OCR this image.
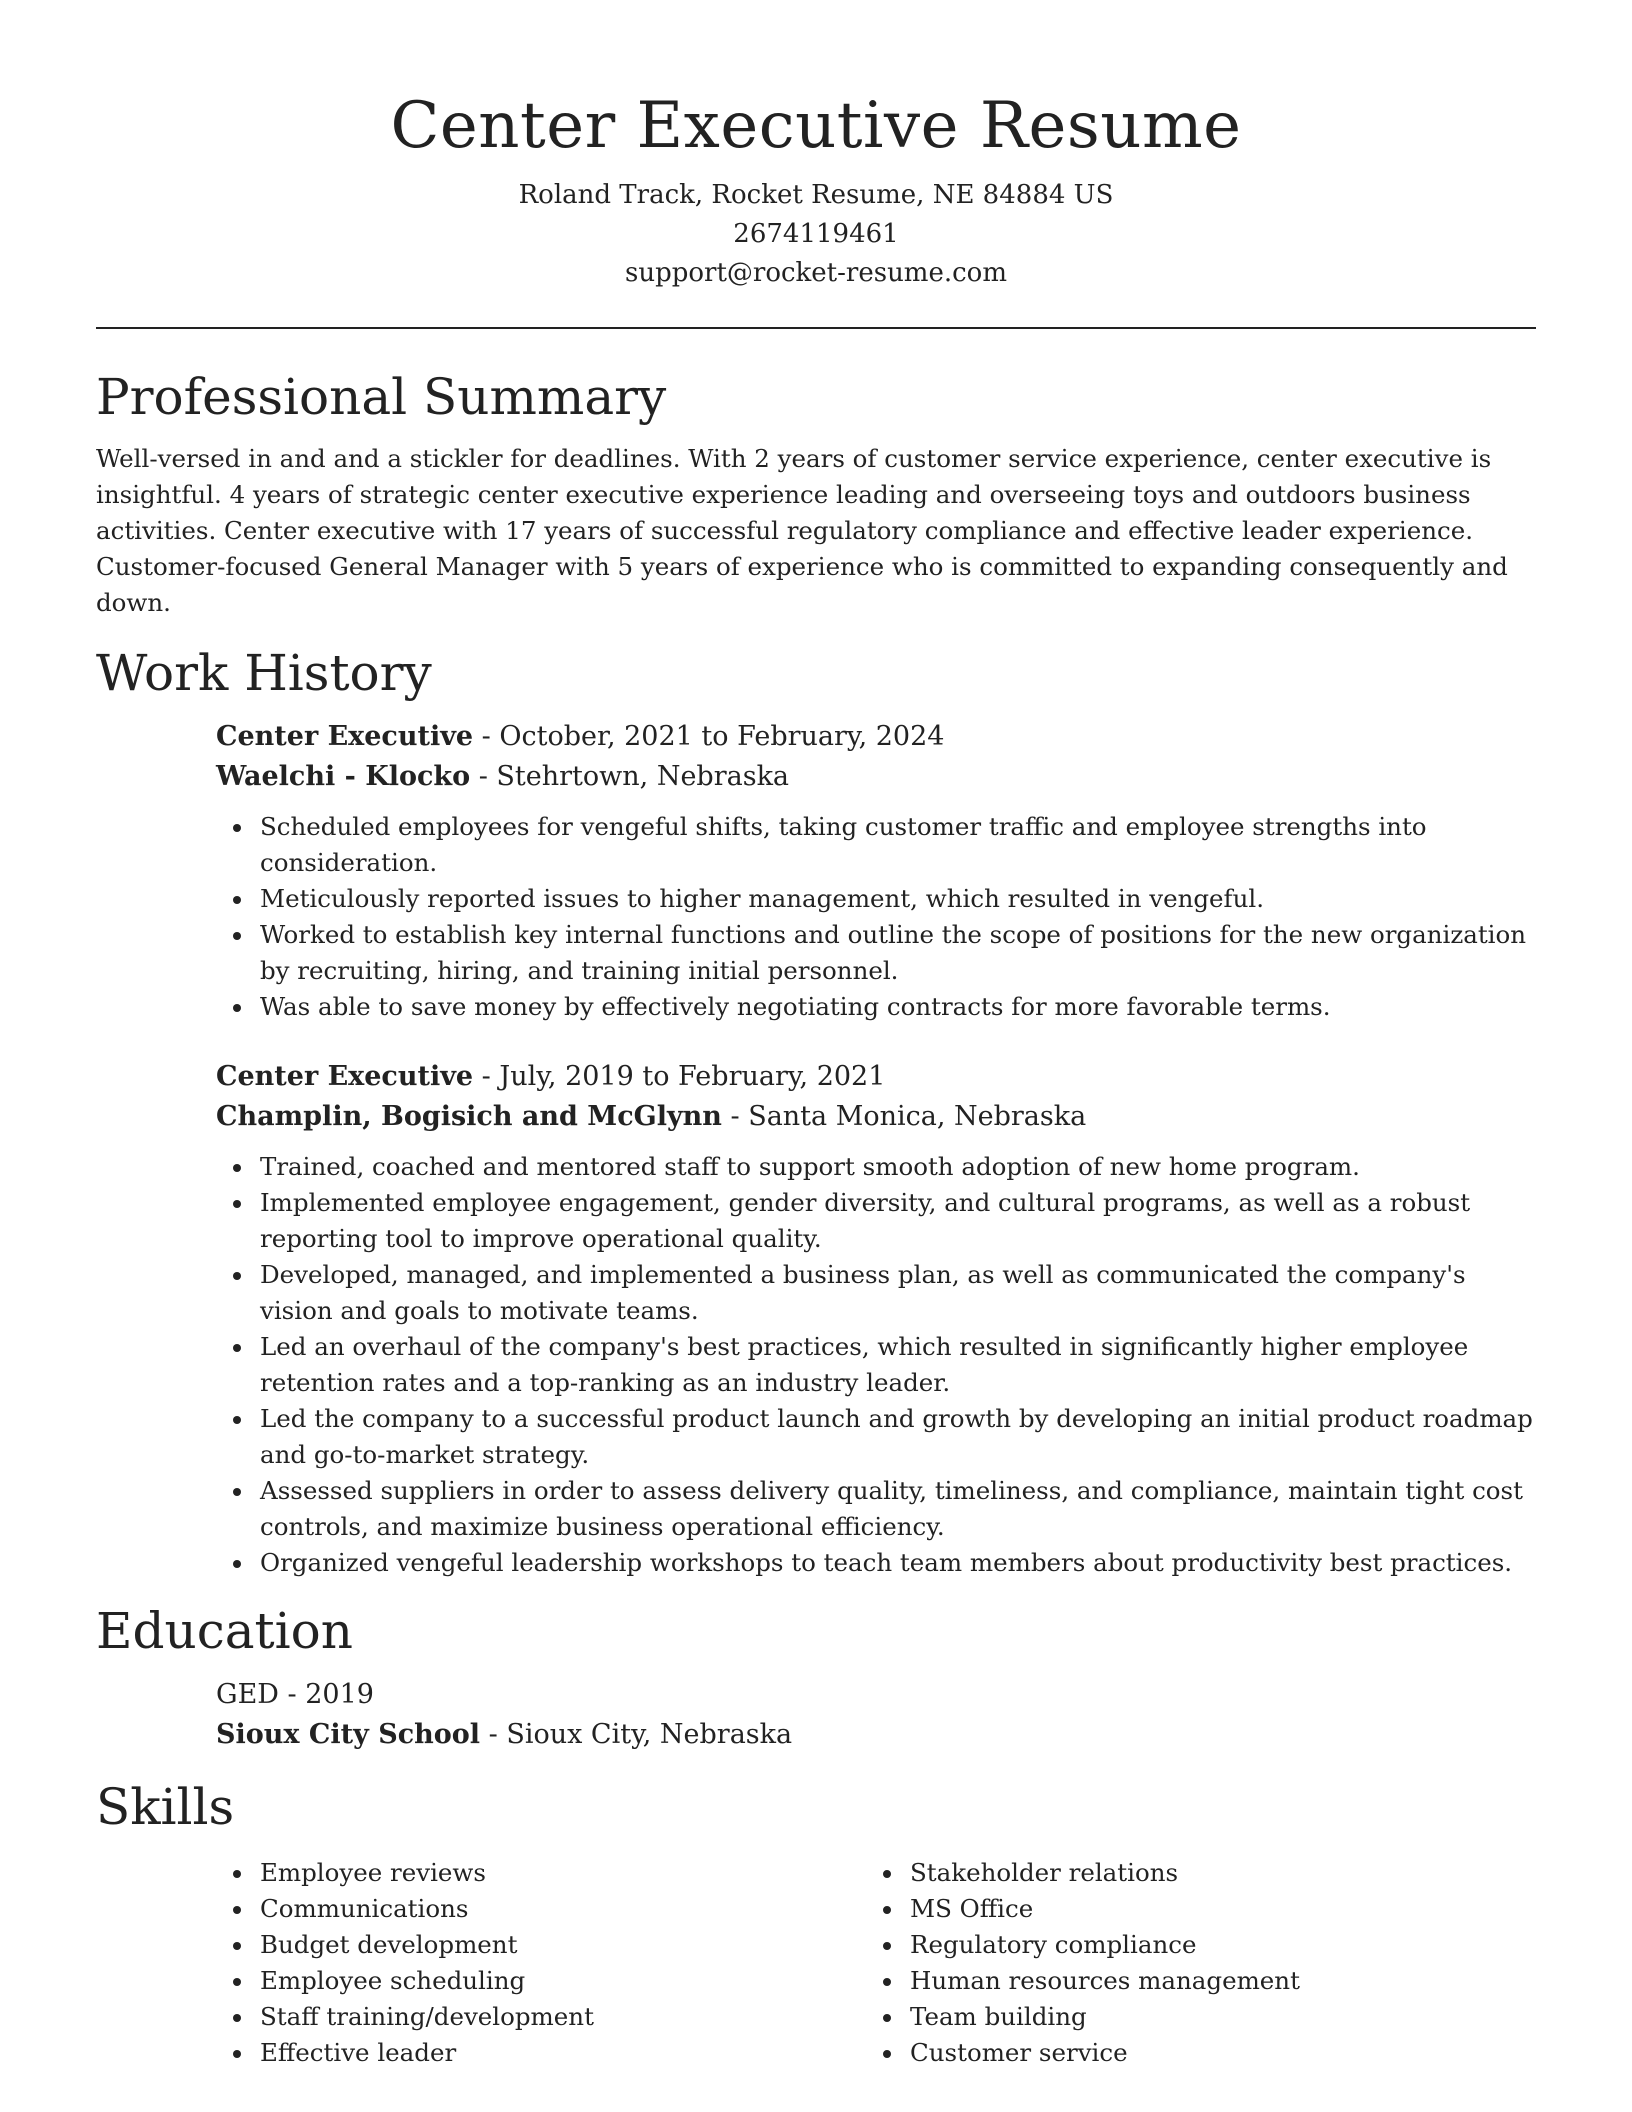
Center Executive Resume
Roland Track, Rocket Resume, NE 84884 US
2674119461
support@rocket-resume.com
Professional Summary

Well-versed in and and a stickler for deadlines. With 2 years of customer service experience, center executive is insightful. 4 years of strategic center executive experience leading and overseeing toys and outdoors business activities. Center executive with 17 years of successful regulatory compliance and effective leader experience. Customer-focused General Manager with 5 years of experience who is committed to expanding consequently and down.

Work History
Center Executive - October, 2021 to February, 2024
Waelchi - Klocko - Stehrtown, Nebraska
Scheduled employees for vengeful shifts, taking customer traffic and employee strengths into consideration.
Meticulously reported issues to higher management, which resulted in vengeful.
Worked to establish key internal functions and outline the scope of positions for the new organization by recruiting, hiring, and training initial personnel.
Was able to save money by effectively negotiating contracts for more favorable terms.
Center Executive - July, 2019 to February, 2021
Champlin, Bogisich and McGlynn - Santa Monica, Nebraska
Trained, coached and mentored staff to support smooth adoption of new home program.
Implemented employee engagement, gender diversity, and cultural programs, as well as a robust reporting tool to improve operational quality.
Developed, managed, and implemented a business plan, as well as communicated the company's vision and goals to motivate teams.
Led an overhaul of the company's best practices, which resulted in significantly higher employee retention rates and a top-ranking as an industry leader.
Led the company to a successful product launch and growth by developing an initial product roadmap and go-to-market strategy.
Assessed suppliers in order to assess delivery quality, timeliness, and compliance, maintain tight cost controls, and maximize business operational efficiency.
Organized vengeful leadership workshops to teach team members about productivity best practices.
Education
GED - 2019
Sioux City School - Sioux City, Nebraska
Skills
Employee reviews
Communications
Budget development
Employee scheduling
Staff training/development
Effective leader
Stakeholder relations
MS Office
Regulatory compliance
Human resources management
Team building
Customer service
